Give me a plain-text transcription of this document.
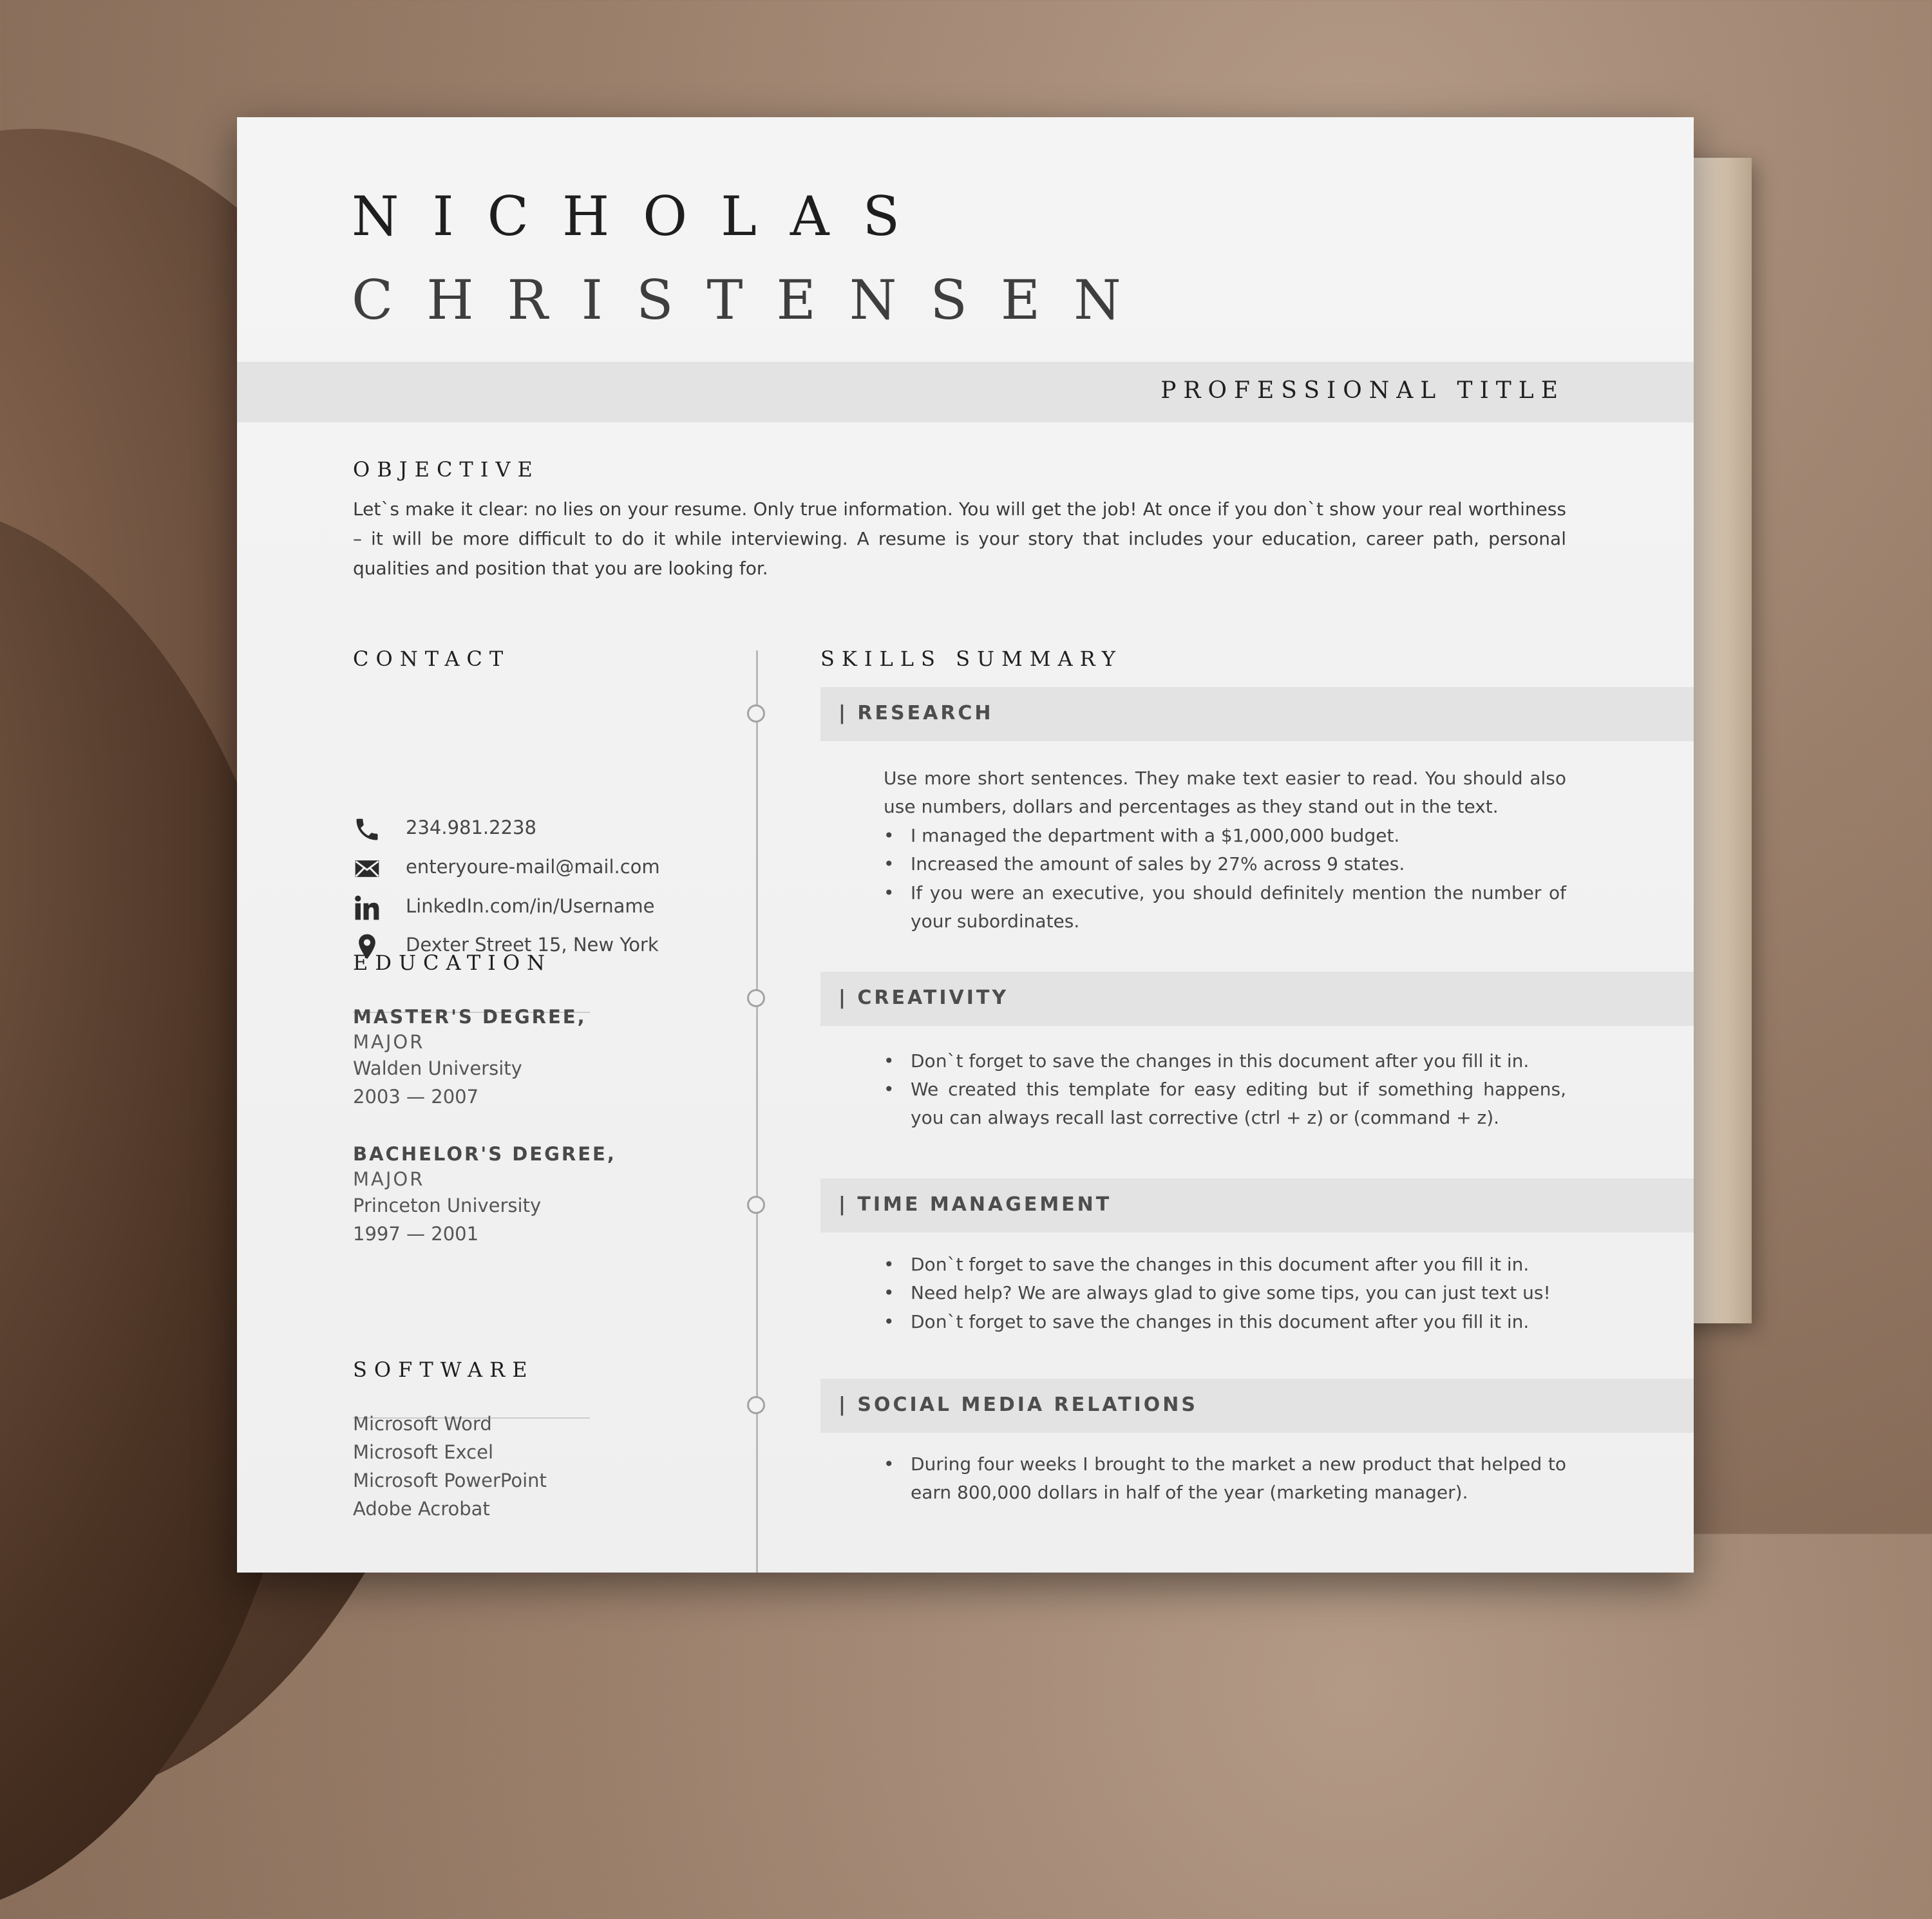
NICHOLAS
CHRISTENSEN
PROFESSIONAL TITLE
OBJECTIVE
Let`s make it clear: no lies on your resume. Only true information. You will get the job! At once if you don`t show your real worthiness – it will be more difficult to do it while interviewing. A resume is your story that includes your education, career path, personal qualities and position that you are looking for.
CONTACT
234.981.2238
enteryoure-mail@mail.com
LinkedIn.com/in/Username
Dexter Street 15, New York
EDUCATION
MASTER'S DEGREE,
MAJOR
Walden University
2003 — 2007
BACHELOR'S DEGREE,
MAJOR
Princeton University
1997 — 2001
SOFTWARE
Microsoft Word
Microsoft Excel
Microsoft PowerPoint
Adobe Acrobat
SKILLS SUMMARY
| RESEARCH
Use more short sentences. They make text easier to read. You should also use numbers, dollars and percentages as they stand out in the text.
• I managed the department with a $1,000,000 budget.
• Increased the amount of sales by 27% across 9 states.
• If you were an executive, you should definitely mention the number of your subordinates.
| CREATIVITY
• Don`t forget to save the changes in this document after you fill it in.
• We created this template for easy editing but if something happens, you can always recall last corrective (ctrl + z) or (command + z).
| TIME MANAGEMENT
• Don`t forget to save the changes in this document after you fill it in.
• Need help? We are always glad to give some tips, you can just text us!
• Don`t forget to save the changes in this document after you fill it in.
| SOCIAL MEDIA RELATIONS
• During four weeks I brought to the market a new product that helped to earn 800,000 dollars in half of the year (marketing manager).
